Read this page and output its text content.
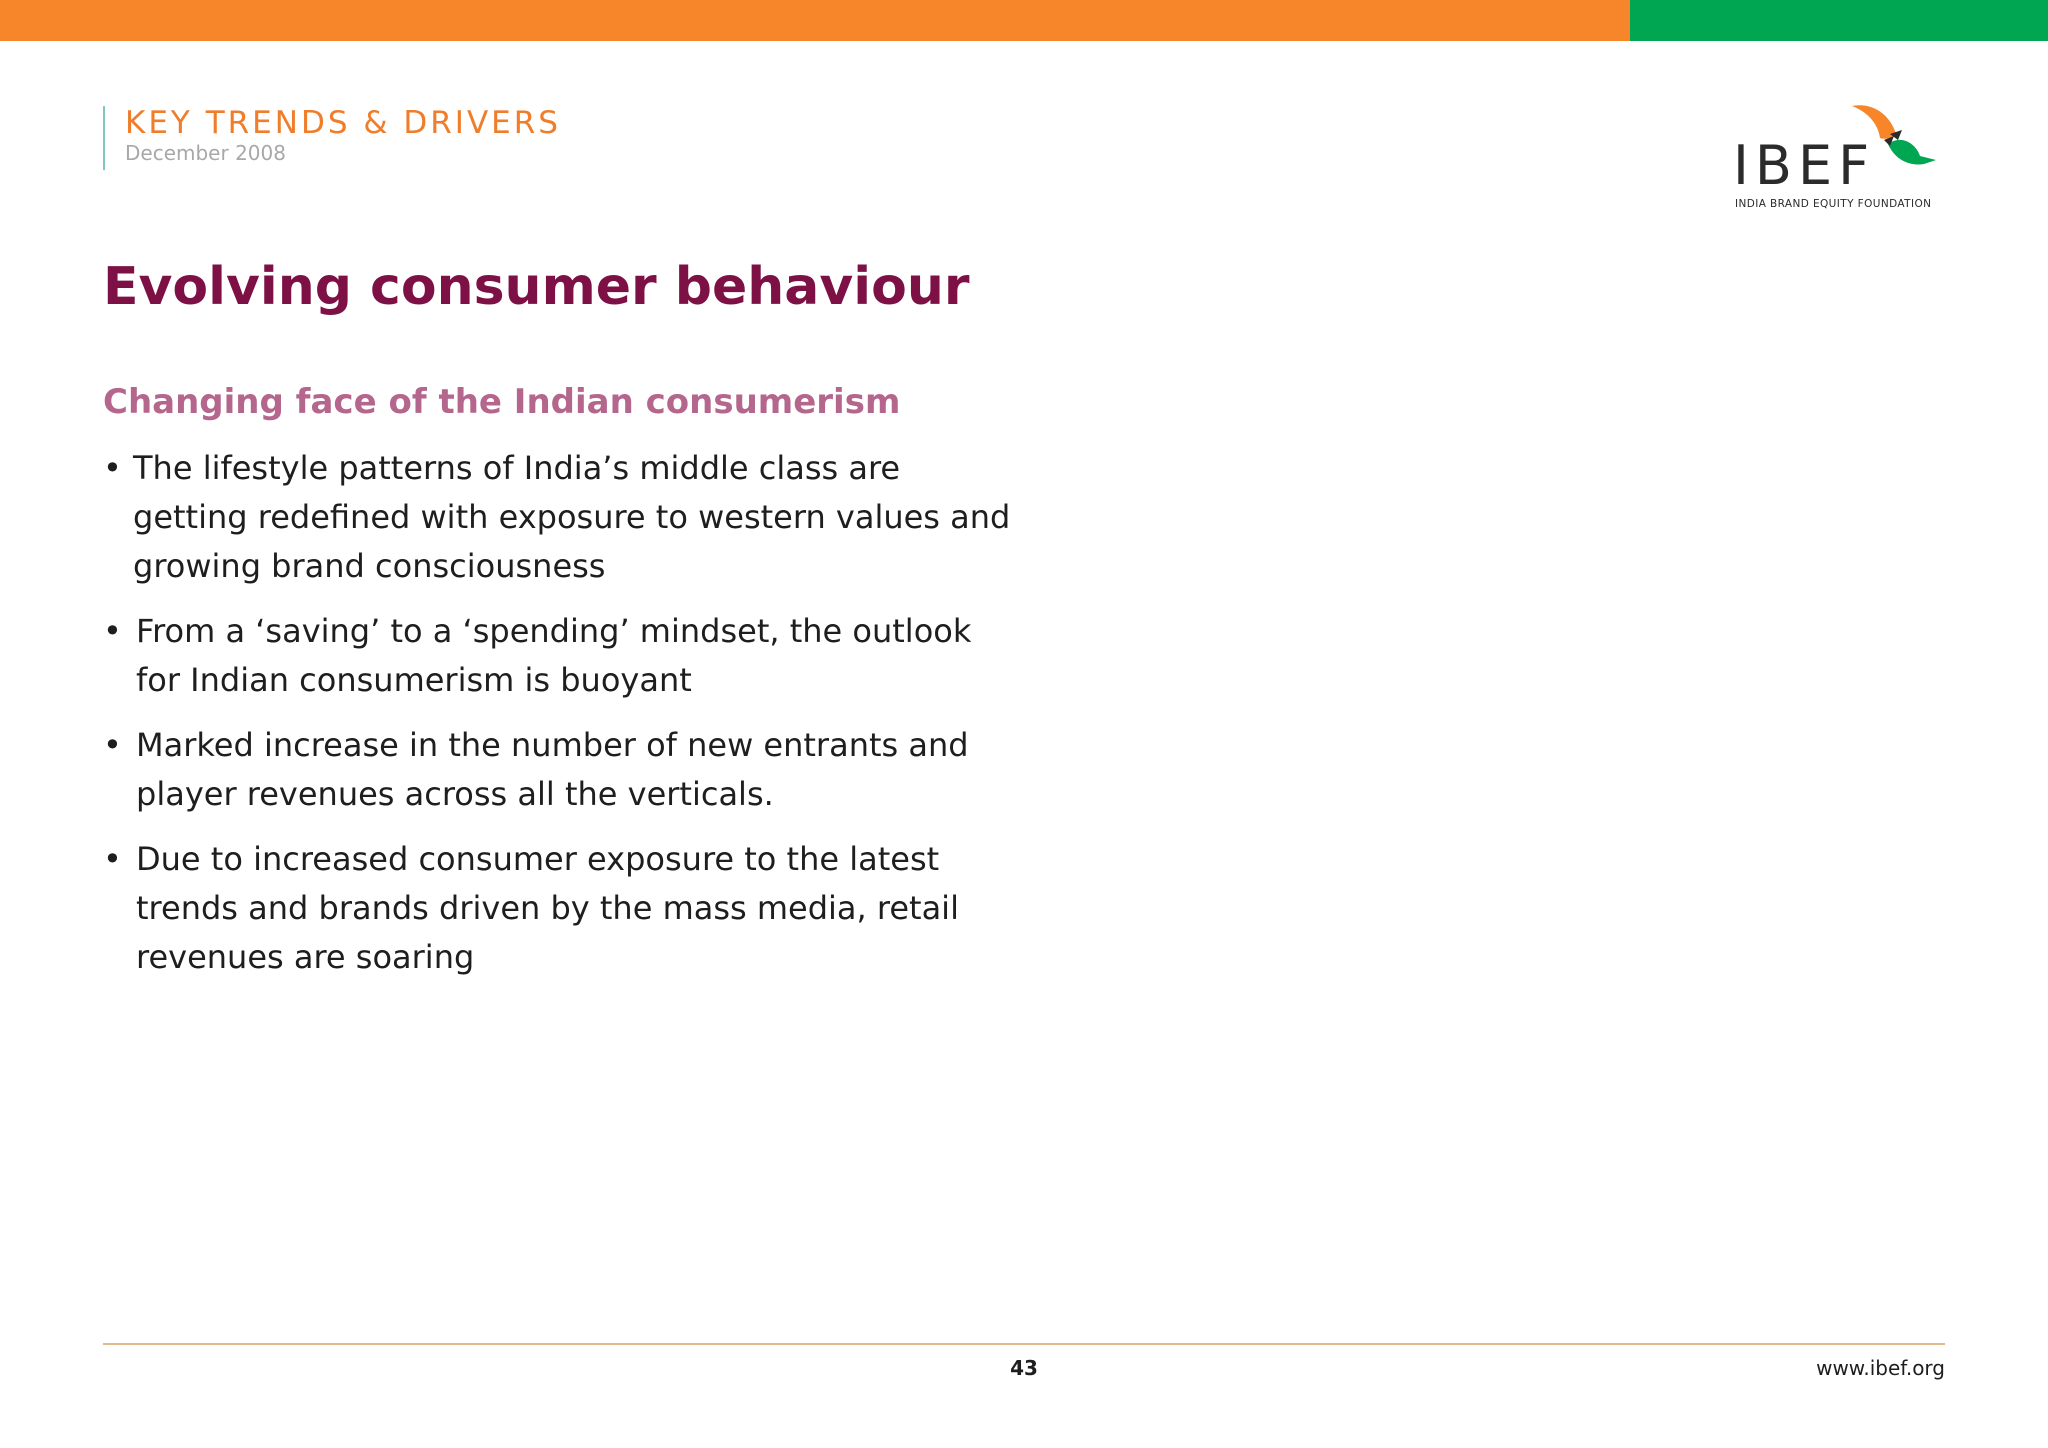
KEY TRENDS & DRIVERS
December 2008	IBEF
INDIA BRAND EQUITY FOUNDATION
Evolving consumer behaviour
Changing face of the Indian consumerism
• The lifestyle patterns of India’s middle class are getting redefined with exposure to western values and growing brand consciousness
• From a ‘saving’ to a ‘spending’ mindset, the outlook for Indian consumerism is buoyant
• Marked increase in the number of new entrants and player revenues across all the verticals.
• Due to increased consumer exposure to the latest trends and brands driven by the mass media, retail revenues are soaring
43	www.ibef.org
